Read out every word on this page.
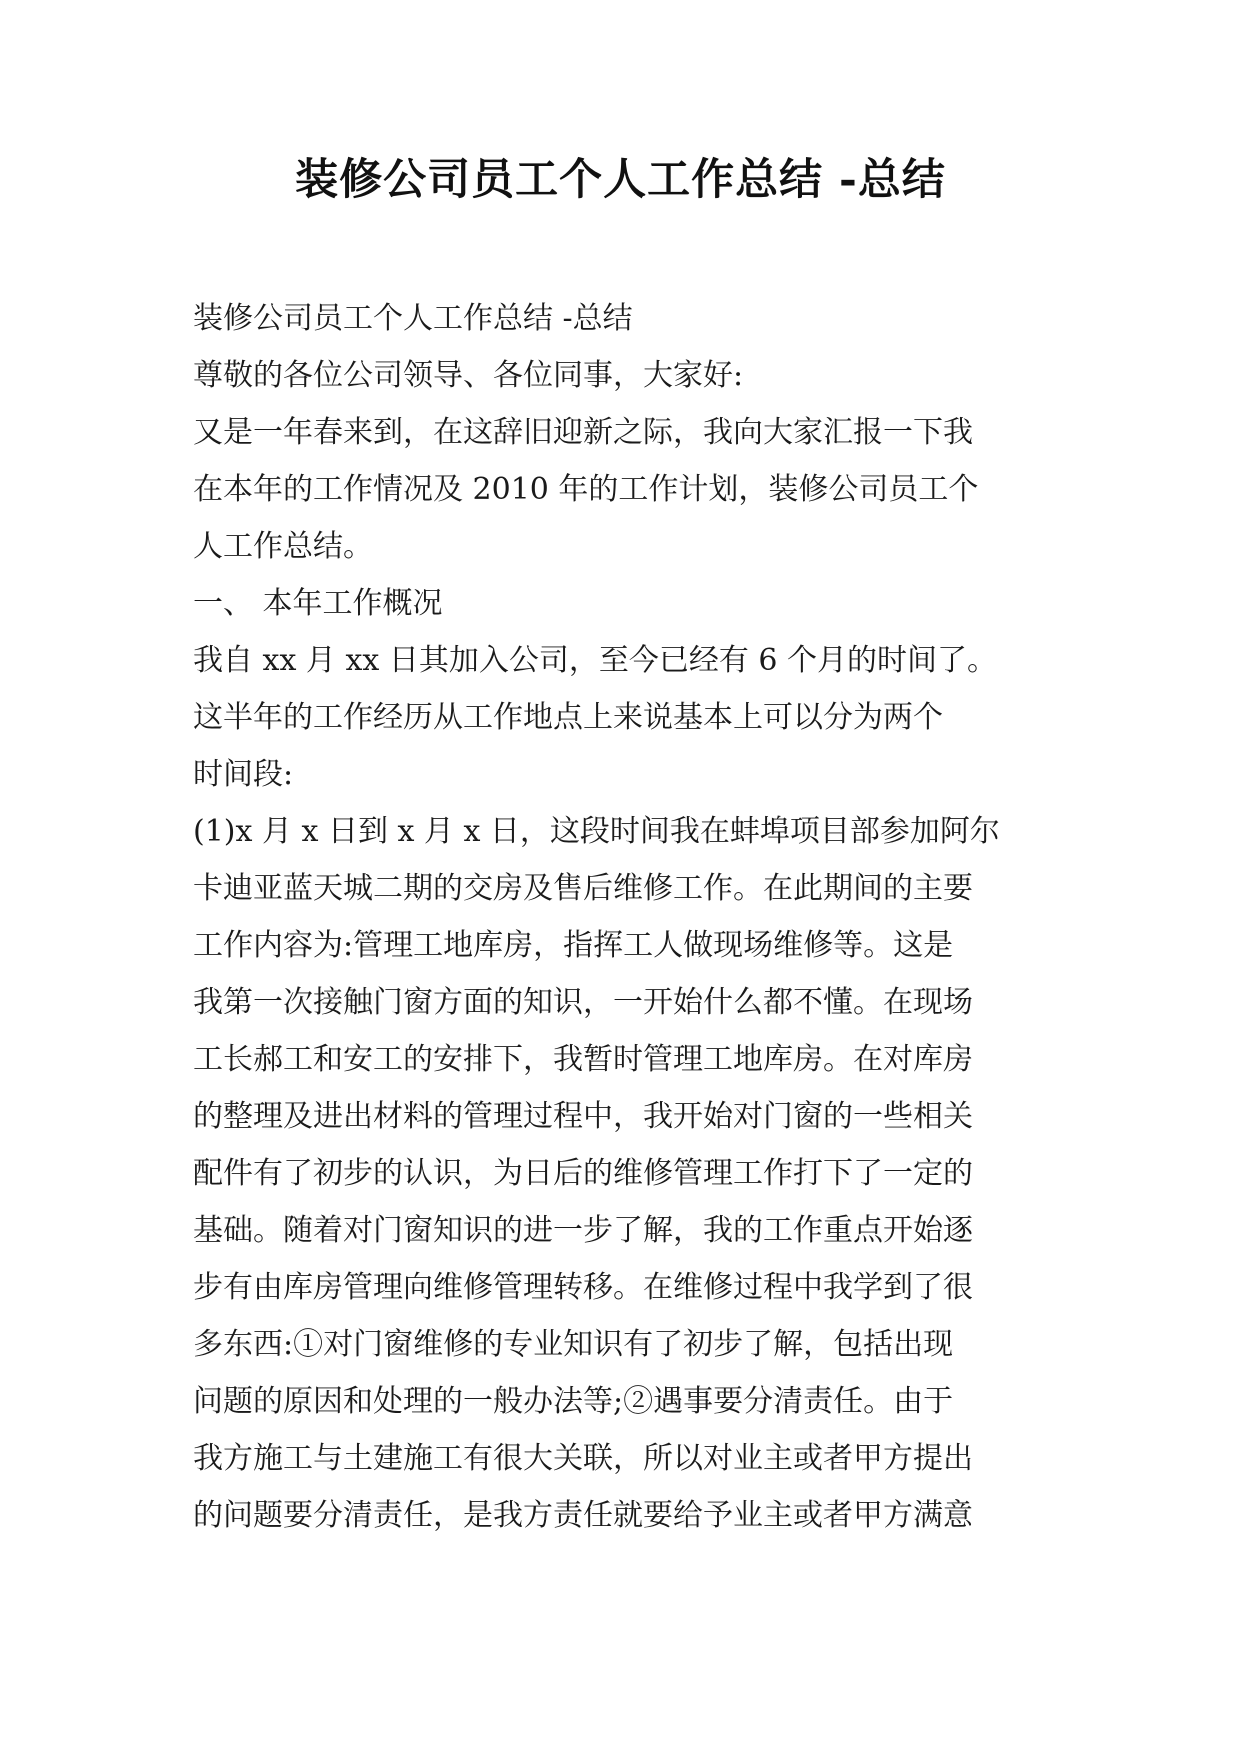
装修公司员工个人工作总结 -总结

装修公司员工个人工作总结 -总结

尊敬的各位公司领导、各位同事，大家好:

又是一年春来到，在这辞旧迎新之际，我向大家汇报一下我

在本年的工作情况及 2010 年的工作计划，装修公司员工个

人工作总结。

一、 本年工作概况

我自 xx 月 xx 日其加入公司，至今已经有 6 个月的时间了。

这半年的工作经历从工作地点上来说基本上可以分为两个

时间段:

(1)x 月 x 日到 x 月 x 日，这段时间我在蚌埠项目部参加阿尔

卡迪亚蓝天城二期的交房及售后维修工作。在此期间的主要

工作内容为:管理工地库房，指挥工人做现场维修等。这是

我第一次接触门窗方面的知识，一开始什么都不懂。在现场

工长郝工和安工的安排下，我暂时管理工地库房。在对库房

的整理及进出材料的管理过程中，我开始对门窗的一些相关

配件有了初步的认识，为日后的维修管理工作打下了一定的

基础。随着对门窗知识的进一步了解，我的工作重点开始逐

步有由库房管理向维修管理转移。在维修过程中我学到了很

多东西:①对门窗维修的专业知识有了初步了解，包括出现

问题的原因和处理的一般办法等;②遇事要分清责任。由于

我方施工与土建施工有很大关联，所以对业主或者甲方提出

的问题要分清责任，是我方责任就要给予业主或者甲方满意
